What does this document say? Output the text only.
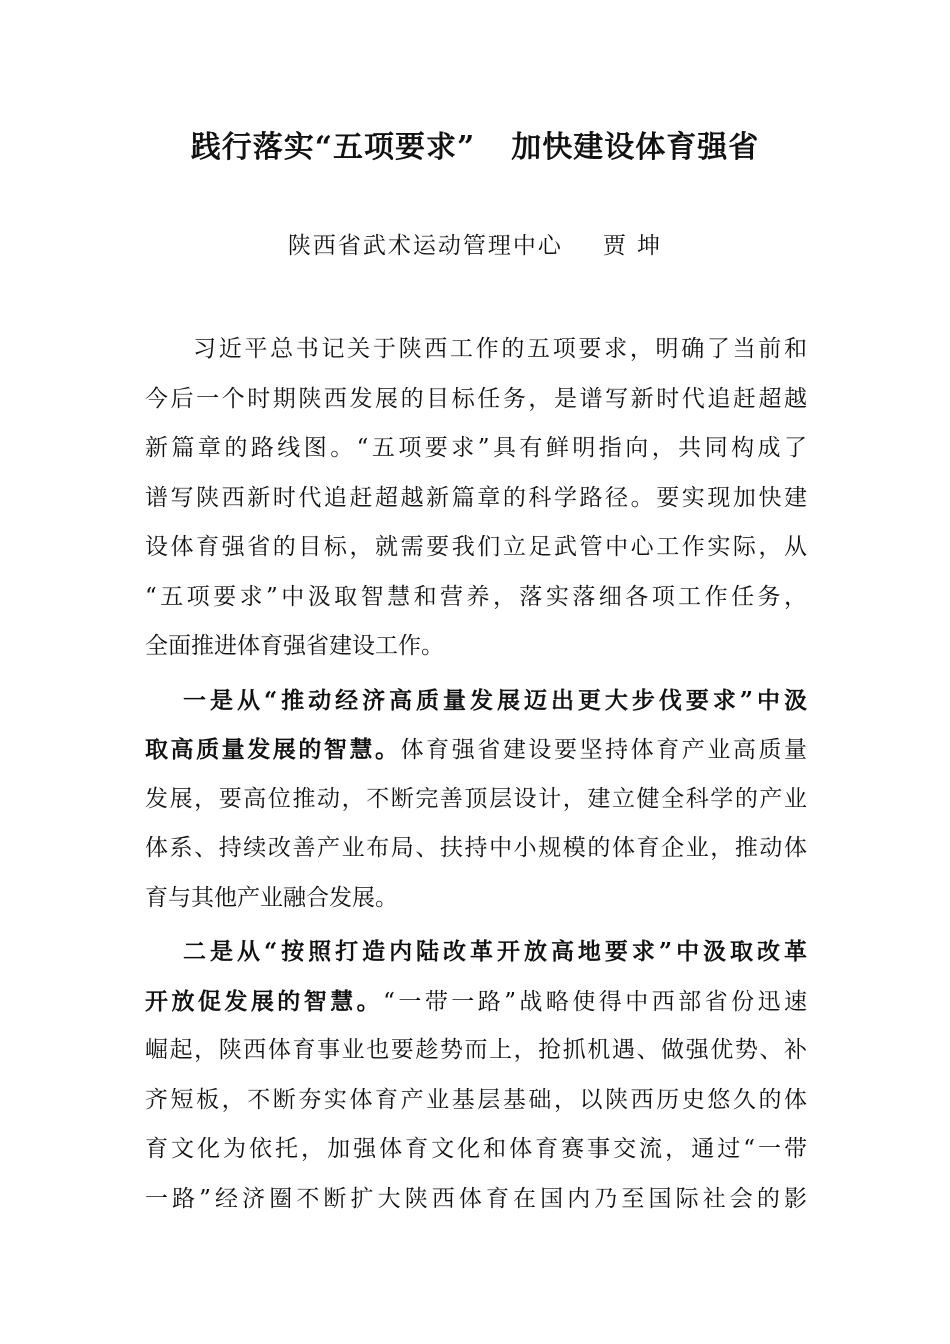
践行落实“五项要求” 加快建设体育强省
陕西省武术运动管理中心 贾 坤
习近平总书记关于陕西工作的五项要求，明确了当前和
今后一个时期陕西发展的目标任务，是谱写新时代追赶超越
新篇章的路线图。“五项要求”具有鲜明指向，共同构成了
谱写陕西新时代追赶超越新篇章的科学路径。要实现加快建
设体育强省的目标，就需要我们立足武管中心工作实际，从
“五项要求”中汲取智慧和营养，落实落细各项工作任务，
全面推进体育强省建设工作。
一是从“推动经济高质量发展迈出更大步伐要求”中汲
取高质量发展的智慧。体育强省建设要坚持体育产业高质量
发展，要高位推动，不断完善顶层设计，建立健全科学的产业
体系、持续改善产业布局、扶持中小规模的体育企业，推动体
育与其他产业融合发展。
二是从“按照打造内陆改革开放高地要求”中汲取改革
开放促发展的智慧。“一带一路”战略使得中西部省份迅速
崛起，陕西体育事业也要趁势而上，抢抓机遇、做强优势、补
齐短板，不断夯实体育产业基层基础，以陕西历史悠久的体
育文化为依托，加强体育文化和体育赛事交流，通过“一带
一路”经济圈不断扩大陕西体育在国内乃至国际社会的影
